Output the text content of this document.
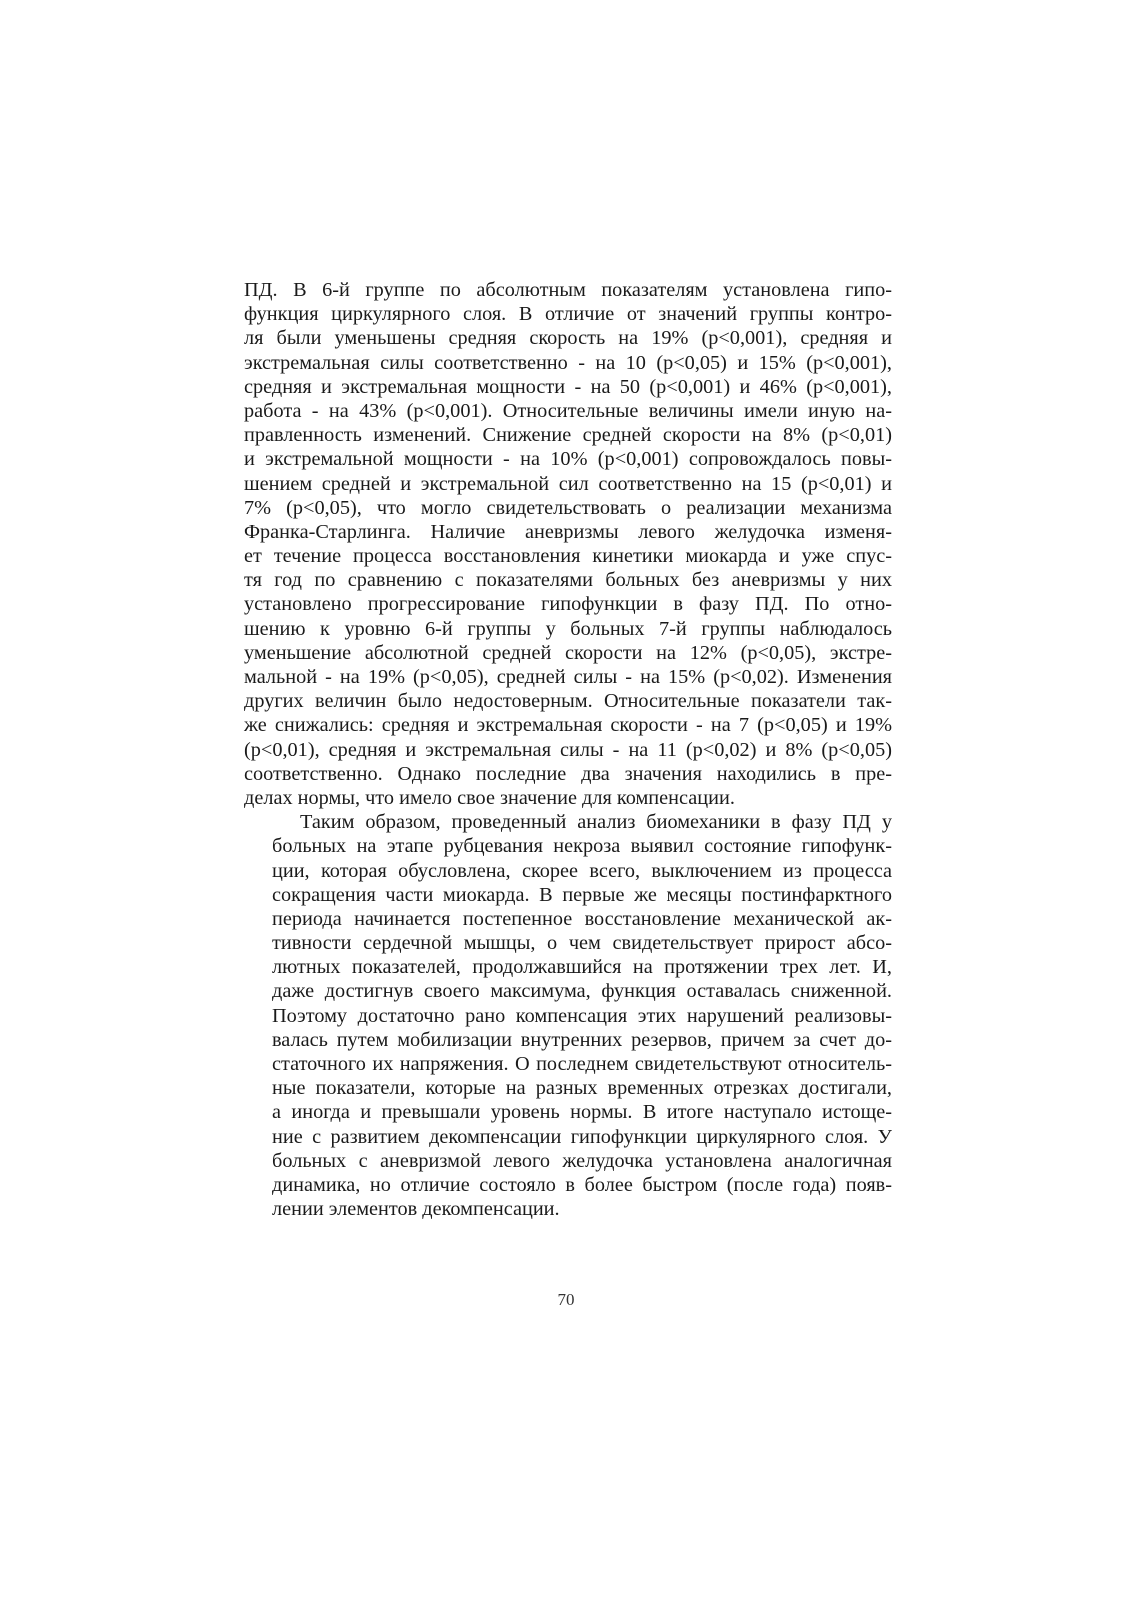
ПД. В 6-й группе по абсолютным показателям установлена гипо-
функция циркулярного слоя. В отличие от значений группы контро-
ля были уменьшены средняя скорость на 19% (р<0,001), средняя и
экстремальная силы соответственно - на 10 (р<0,05) и 15% (р<0,001),
средняя и экстремальная мощности - на 50 (р<0,001) и 46% (р<0,001),
работа - на 43% (р<0,001). Относительные величины имели иную на-
правленность изменений. Снижение средней скорости на 8% (р<0,01)
и экстремальной мощности - на 10% (р<0,001) сопровождалось повы-
шением средней и экстремальной сил соответственно на 15 (р<0,01) и
7% (р<0,05), что могло свидетельствовать о реализации механизма
Франка-Старлинга. Наличие аневризмы левого желудочка изменя-
ет течение процесса восстановления кинетики миокарда и уже спус-
тя год по сравнению с показателями больных без аневризмы у них
установлено прогрессирование гипофункции в фазу ПД. По отно-
шению к уровню 6-й группы у больных 7-й группы наблюдалось
уменьшение абсолютной средней скорости на 12% (р<0,05), экстре-
мальной - на 19% (р<0,05), средней силы - на 15% (р<0,02). Изменения
других величин было недостоверным. Относительные показатели так-
же снижались: средняя и экстремальная скорости - на 7 (р<0,05) и 19%
(р<0,01), средняя и экстремальная силы - на 11 (р<0,02) и 8% (р<0,05)
соответственно. Однако последние два значения находились в пре-
делах нормы, что имело свое значение для компенсации.
Таким образом, проведенный анализ биомеханики в фазу ПД у
больных на этапе рубцевания некроза выявил состояние гипофунк-
ции, которая обусловлена, скорее всего, выключением из процесса
сокращения части миокарда. В первые же месяцы постинфарктного
периода начинается постепенное восстановление механической ак-
тивности сердечной мышцы, о чем свидетельствует прирост абсо-
лютных показателей, продолжавшийся на протяжении трех лет. И,
даже достигнув своего максимума, функция оставалась сниженной.
Поэтому достаточно рано компенсация этих нарушений реализовы-
валась путем мобилизации внутренних резервов, причем за счет до-
статочного их напряжения. О последнем свидетельствуют относитель-
ные показатели, которые на разных временных отрезках достигали,
а иногда и превышали уровень нормы. В итоге наступало истоще-
ние с развитием декомпенсации гипофункции циркулярного слоя. У
больных с аневризмой левого желудочка установлена аналогичная
динамика, но отличие состояло в более быстром (после года) появ-
лении элементов декомпенсации.
70
